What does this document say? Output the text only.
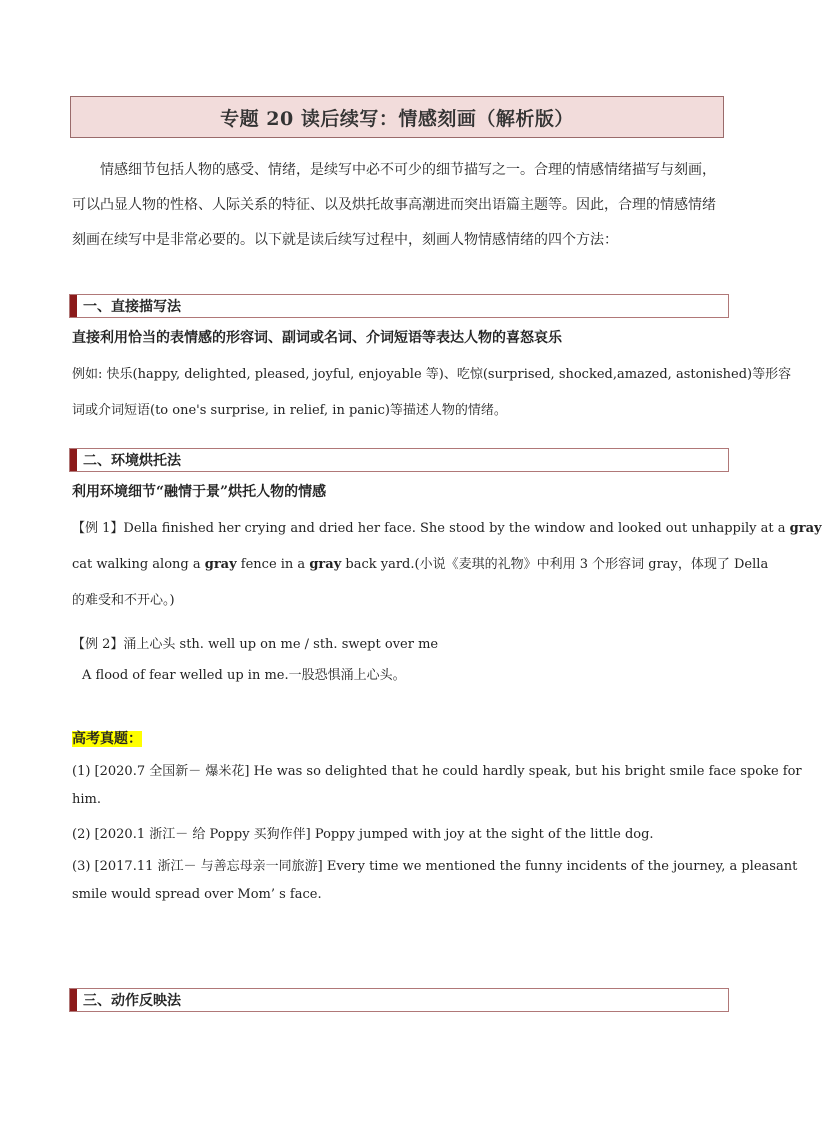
专题 20 读后续写：情感刻画（解析版）
情感细节包括人物的感受、情绪，是续写中必不可少的细节描写之一。合理的情感情绪描写与刻画，
可以凸显人物的性格、人际关系的特征、以及烘托故事高潮进而突出语篇主题等。因此，合理的情感情绪
刻画在续写中是非常必要的。以下就是读后续写过程中，刻画人物情感情绪的四个方法：
一、直接描写法
直接利用恰当的表情感的形容词、副词或名词、介词短语等表达人物的喜怒哀乐
例如: 快乐(happy, delighted, pleased, joyful, enjoyable 等)、吃惊(surprised, shocked,amazed, astonished)等形容
词或介词短语(to one's surprise, in relief, in panic)等描述人物的情绪。
二、环境烘托法
利用环境细节“融情于景”烘托人物的情感
【例 1】Della finished her crying and dried her face. She stood by the window and looked out unhappily at a gray
cat walking along a gray fence in a gray back yard.(小说《麦琪的礼物》中利用 3 个形容词 gray，体现了 Della
的难受和不开心。)
【例 2】涌上心头 sth. well up on me / sth. swept over me
A flood of fear welled up in me.一股恐惧涌上心头。
高考真题：
(1) [2020.7 全国新－ 爆米花] He was so delighted that he could hardly speak, but his bright smile face spoke for
him.
(2) [2020.1 浙江－ 给 Poppy 买狗作伴] Poppy jumped with joy at the sight of the little dog.
(3) [2017.11 浙江－ 与善忘母亲一同旅游] Every time we mentioned the funny incidents of the journey, a pleasant
smile would spread over Mom’ s face.
三、动作反映法
